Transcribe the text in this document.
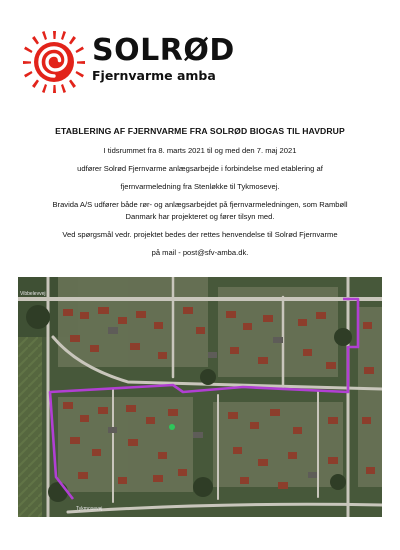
SOLRØD
Fjernvarme amba
ETABLERING AF FJERNVARME FRA SOLRØD BIOGAS TIL HAVDRUP
I tidsrummet fra 8. marts 2021 til og med den 7. maj 2021
udfører Solrød Fjernvarme anlægsarbejde i forbindelse med etablering af
fjernvarmeledning fra Stenløkke til Tykmosevej.
Bravida A/S udfører både rør- og anlægsarbejdet på fjernvarmeledningen, som Rambøll
Danmark har projekteret og fører tilsyn med.
Ved spørgsmål vedr. projektet bedes der rettes henvendelse til Solrød Fjernvarme
på mail - post@sfv-amba.dk.
Vibbelevvej
Tykmosevej
